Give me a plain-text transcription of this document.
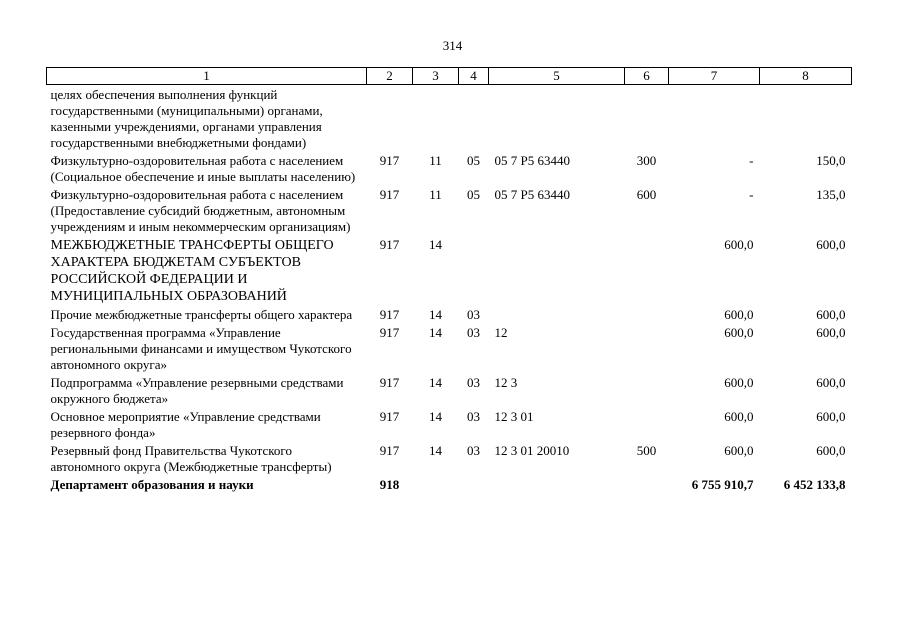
314
1	2	3	4	5	6	7	8
целях обеспечения выполнения функций государственными (муниципальными) органами, казенными учреждениями, органами управления государственными внебюджетными фондами)							
Физкультурно-оздоровительная работа с населением (Социальное обеспечение и иные выплаты населению)	917	11	05	05 7 Р5 63440	300	-	150,0
Физкультурно-оздоровительная работа с населением (Предоставление субсидий бюджетным, автономным учреждениям и иным некоммерческим организациям)	917	11	05	05 7 Р5 63440	600	-	135,0
МЕЖБЮДЖЕТНЫЕ ТРАНСФЕРТЫ ОБЩЕГО ХАРАКТЕРА БЮДЖЕТАМ СУБЪЕКТОВ РОССИЙСКОЙ ФЕДЕРАЦИИ И МУНИЦИПАЛЬНЫХ ОБРАЗОВАНИЙ	917	14				600,0	600,0
Прочие межбюджетные трансферты общего характера	917	14	03			600,0	600,0
Государственная программа «Управление региональными финансами и имуществом Чукотского автономного округа»	917	14	03	12		600,0	600,0
Подпрограмма «Управление резервными средствами окружного бюджета»	917	14	03	12 3		600,0	600,0
Основное мероприятие «Управление средствами резервного фонда»	917	14	03	12 3 01		600,0	600,0
Резервный фонд Правительства Чукотского автономного округа (Межбюджетные трансферты)	917	14	03	12 3 01 20010	500	600,0	600,0
Департамент образования и науки	918					6 755 910,7	6 452 133,8
